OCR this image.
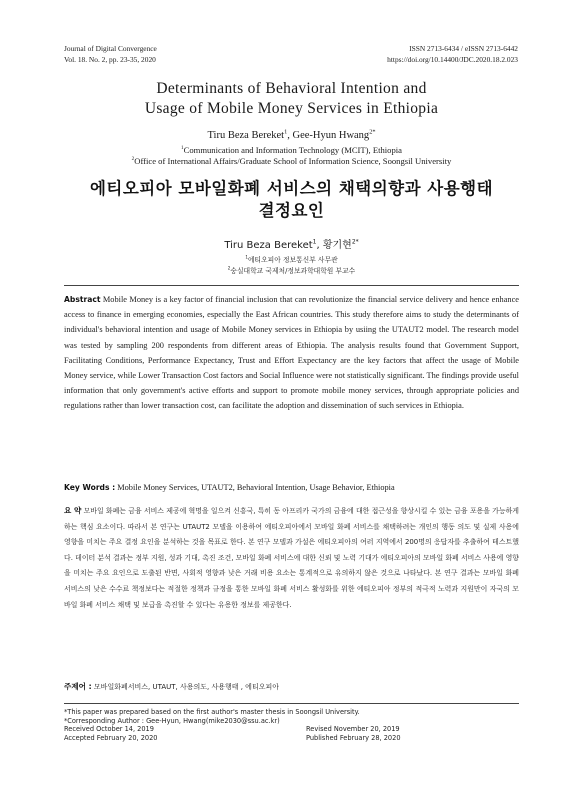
Journal of Digital Convergence
Vol. 18. No. 2, pp. 23-35, 2020
ISSN 2713-6434 / eISSN 2713-6442
https://doi.org/10.14400/JDC.2020.18.2.023
Determinants of Behavioral Intention and
Usage of Mobile Money Services in Ethiopia
Tiru Beza Bereket$^1$, Gee-Hyun Hwang$^{2*}$
$^1$Communication and Information Technology (MCIT), Ethiopia
$^2$Office of International Affairs/Graduate School of Information Science, Soongsil University
에티오피아 모바일화폐 서비스의 채택의향과 사용행태
결정요인
Tiru Beza Bereket$^1$, 황기현$^{2*}$
$^1$에티오피아 정보통신부 사무관
$^2$숭실대학교 국제처/정보과학대학원 부교수
Abstract Mobile Money is a key factor of financial inclusion that can revolutionize the financial service delivery and hence enhance access to finance in emerging economies, especially the East African countries. This study therefore aims to study the determinants of individual's behavioral intention and usage of Mobile Money services in Ethiopia by usiing the UTAUT2 model. The research model was tested by sampling 200 respondents from different areas of Ethiopia. The analysis results found that Government Support, Facilitating Conditions, Performance Expectancy, Trust and Effort Expectancy are the key factors that affect the usage of Mobile Money service, while Lower Transaction Cost factors and Social Influence were not statistically significant. The findings provide useful information that only government's active efforts and support to promote mobile money services, through appropriate policies and regulations rather than lower transaction cost, can facilitate the adoption and dissemination of such services in Ethiopia.
Key Words : Mobile Money Services, UTAUT2, Behavioral Intention, Usage Behavior, Ethiopia
요 약 모바일 화폐는 금융 서비스 제공에 혁명을 일으켜 신흥국, 특히 동 아프리카 국가의 금융에 대한 접근성을 향상시킬 수 있는 금융 포용을 가능하게 하는 핵심 요소이다. 따라서 본 연구는 UTAUT2 모델을 이용하여 에티오피아에서 모바일 화폐 서비스를 채택하려는 개인의 행동 의도 및 실제 사용에 영향을 미치는 주요 결정 요인을 분석하는 것을 목표로 한다. 본 연구 모델과 가설은 에티오피아의 여러 지역에서 200명의 응답자를 추출하여 테스트했다. 데이터 분석 결과는 정부 지원, 성과 기대, 촉진 조건, 모바일 화폐 서비스에 대한 신뢰 및 노력 기대가 에티오피아의 모바일 화폐 서비스 사용에 영향을 미치는 주요 요인으로 도출된 반면, 사회적 영향과 낮은 거래 비용 요소는 통계적으로 유의하지 않은 것으로 나타났다. 본 연구 결과는 모바일 화폐 서비스의 낮은 수수료 책정보다는 적절한 정책과 규정을 통한 모바일 화폐 서비스 활성화를 위한 에티오피아 정부의 적극적 노력과 지원만이 자국의 모바일 화폐 서비스 채택 및 보급을 촉진할 수 있다는 유용한 정보를 제공한다.
주제어 : 모바일화폐서비스, UTAUT, 사용의도, 사용행태 , 에티오피아
*This paper was prepared based on the first author's master thesis in Soongsil University.
*Corresponding Author : Gee-Hyun, Hwang(mike2030@ssu.ac.kr)
Received October 14, 2019	Revised November 20, 2019
Accepted February 20, 2020	Published February 28, 2020
